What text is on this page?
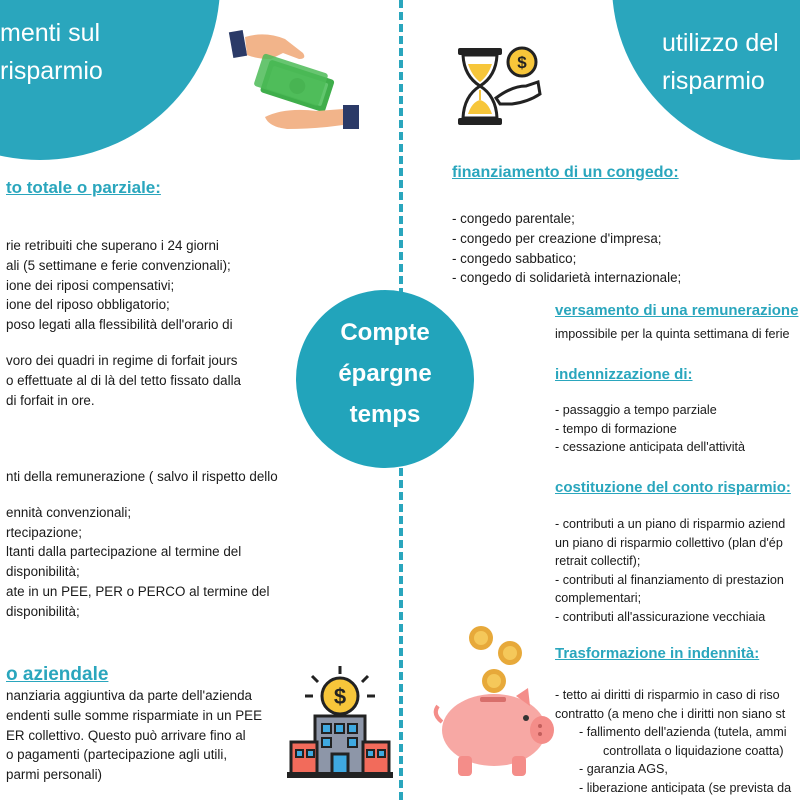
menti sul
risparmio
utilizzo del
risparmio
Compte
épargne
temps
to totale o parziale:
rie retribuiti che superano i 24 giorni
ali (5 settimane e ferie convenzionali);
ione dei riposi compensativi;
ione del riposo obbligatorio;
poso legati alla flessibilità dell'orario di
voro dei quadri in regime di forfait jours
o effettuate al di là del tetto fissato dalla
di forfait in ore.
nti della remunerazione ( salvo il rispetto dello
ennità convenzionali;
rtecipazione;
ltanti dalla partecipazione al termine del
disponibilità;
ate in un PEE, PER o PERCO al termine del
disponibilità;
o aziendale
nanziaria aggiuntiva da parte dell'azienda
endenti sulle somme risparmiate in un PEE
ER collettivo. Questo può arrivare fino al
o pagamenti (partecipazione agli utili,
parmi personali)
finanziamento di un congedo:
- congedo parentale;
- congedo per creazione d'impresa;
- congedo sabbatico;
- congedo di solidarietà internazionale;
versamento di una remunerazione
impossibile per la quinta settimana di ferie
indennizzazione di:
- passaggio a tempo parziale
- tempo di formazione
- cessazione anticipata dell'attività
costituzione del conto risparmio:
- contributi a un piano di risparmio aziend
un piano di risparmio collettivo (plan d'ép
retrait collectif);
- contributi al finanziamento di prestazion
complementari;
- contributi all'assicurazione vecchiaia
Trasformazione in indennità:
- tetto ai diritti di risparmio in caso di riso
contratto (a meno che i diritti non siano st
- fallimento dell'azienda (tutela, ammi
controllata o liquidazione coatta)
- garanzia AGS,
- liberazione anticipata (se prevista da
$
$
